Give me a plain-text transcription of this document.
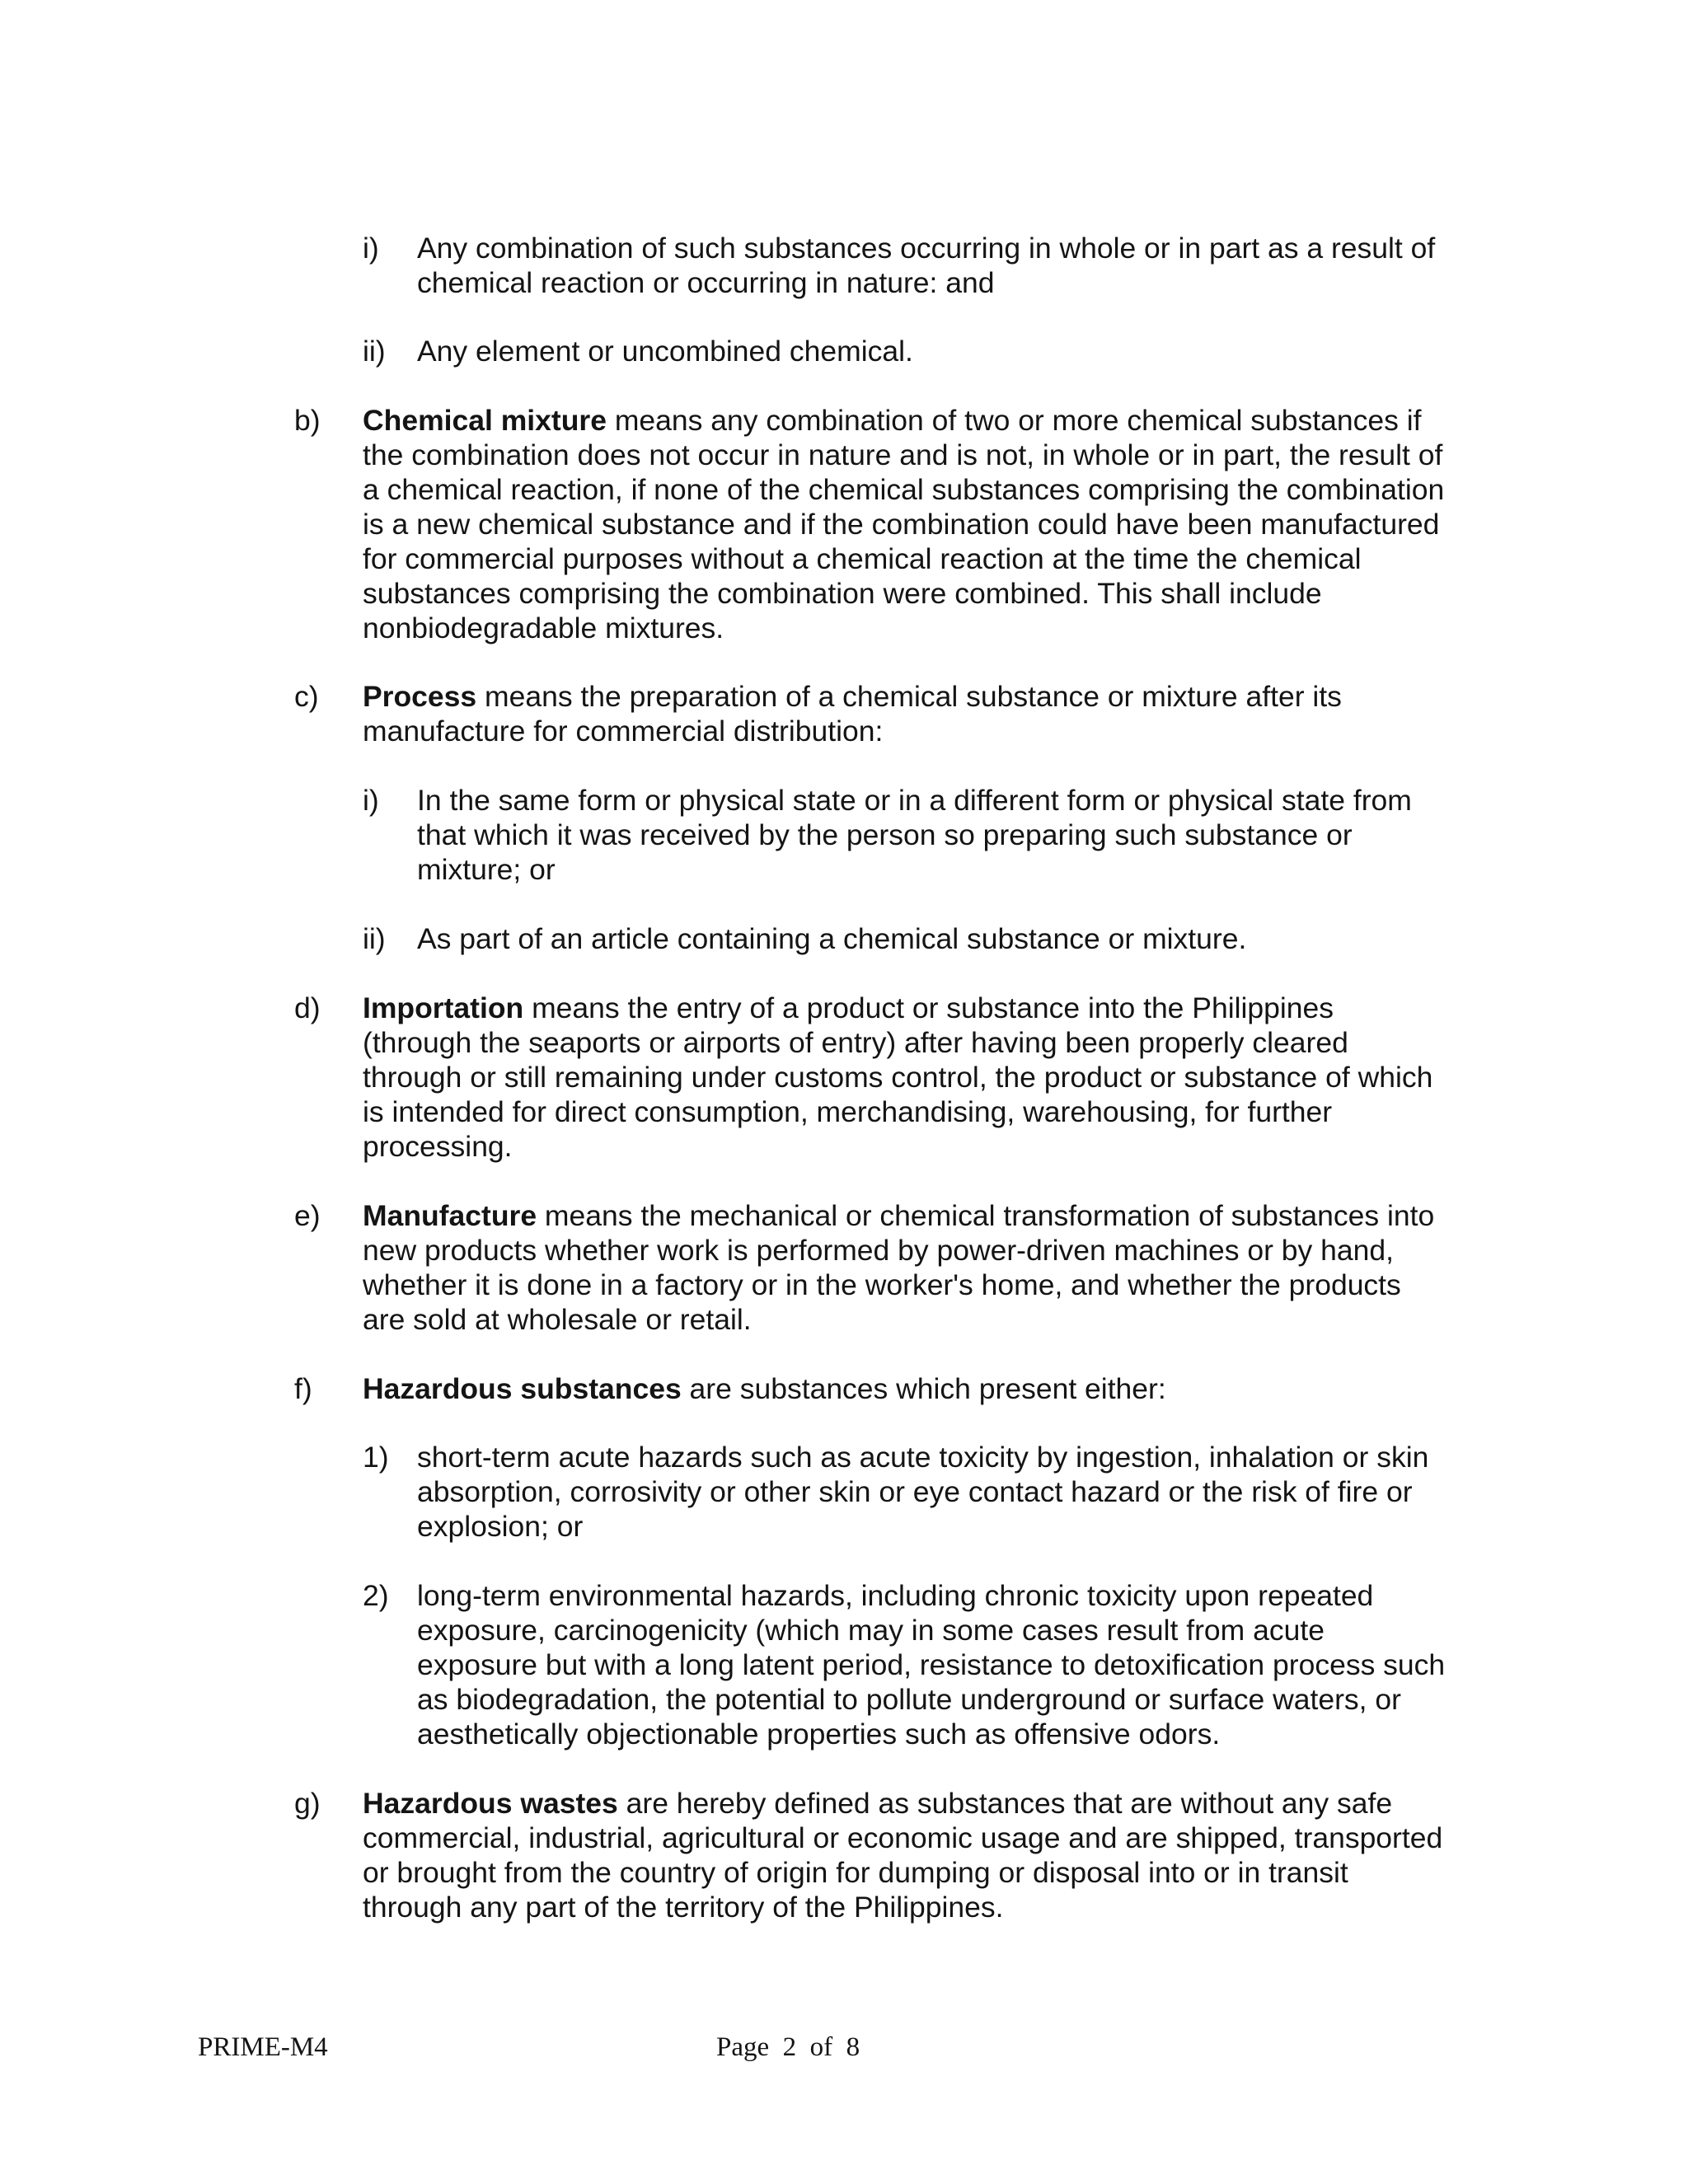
i) Any combination of such substances occurring in whole or in part as a result of
chemical reaction or occurring in nature: and
ii) Any element or uncombined chemical.
b) Chemical mixture means any combination of two or more chemical substances if
the combination does not occur in nature and is not, in whole or in part, the result of
a chemical reaction, if none of the chemical substances comprising the combination
is a new chemical substance and if the combination could have been manufactured
for commercial purposes without a chemical reaction at the time the chemical
substances comprising the combination were combined. This shall include
nonbiodegradable mixtures.
c) Process means the preparation of a chemical substance or mixture after its
manufacture for commercial distribution:
i) In the same form or physical state or in a different form or physical state from
that which it was received by the person so preparing such substance or
mixture; or
ii) As part of an article containing a chemical substance or mixture.
d) Importation means the entry of a product or substance into the Philippines
(through the seaports or airports of entry) after having been properly cleared
through or still remaining under customs control, the product or substance of which
is intended for direct consumption, merchandising, warehousing, for further
processing.
e) Manufacture means the mechanical or chemical transformation of substances into
new products whether work is performed by power-driven machines or by hand,
whether it is done in a factory or in the worker's home, and whether the products
are sold at wholesale or retail.
f) Hazardous substances are substances which present either:
1) short-term acute hazards such as acute toxicity by ingestion, inhalation or skin
absorption, corrosivity or other skin or eye contact hazard or the risk of fire or
explosion; or
2) long-term environmental hazards, including chronic toxicity upon repeated
exposure, carcinogenicity (which may in some cases result from acute
exposure but with a long latent period, resistance to detoxification process such
as biodegradation, the potential to pollute underground or surface waters, or
aesthetically objectionable properties such as offensive odors.
g) Hazardous wastes are hereby defined as substances that are without any safe
commercial, industrial, agricultural or economic usage and are shipped, transported
or brought from the country of origin for dumping or disposal into or in transit
through any part of the territory of the Philippines.
PRIME-M4	Page  2  of  8
